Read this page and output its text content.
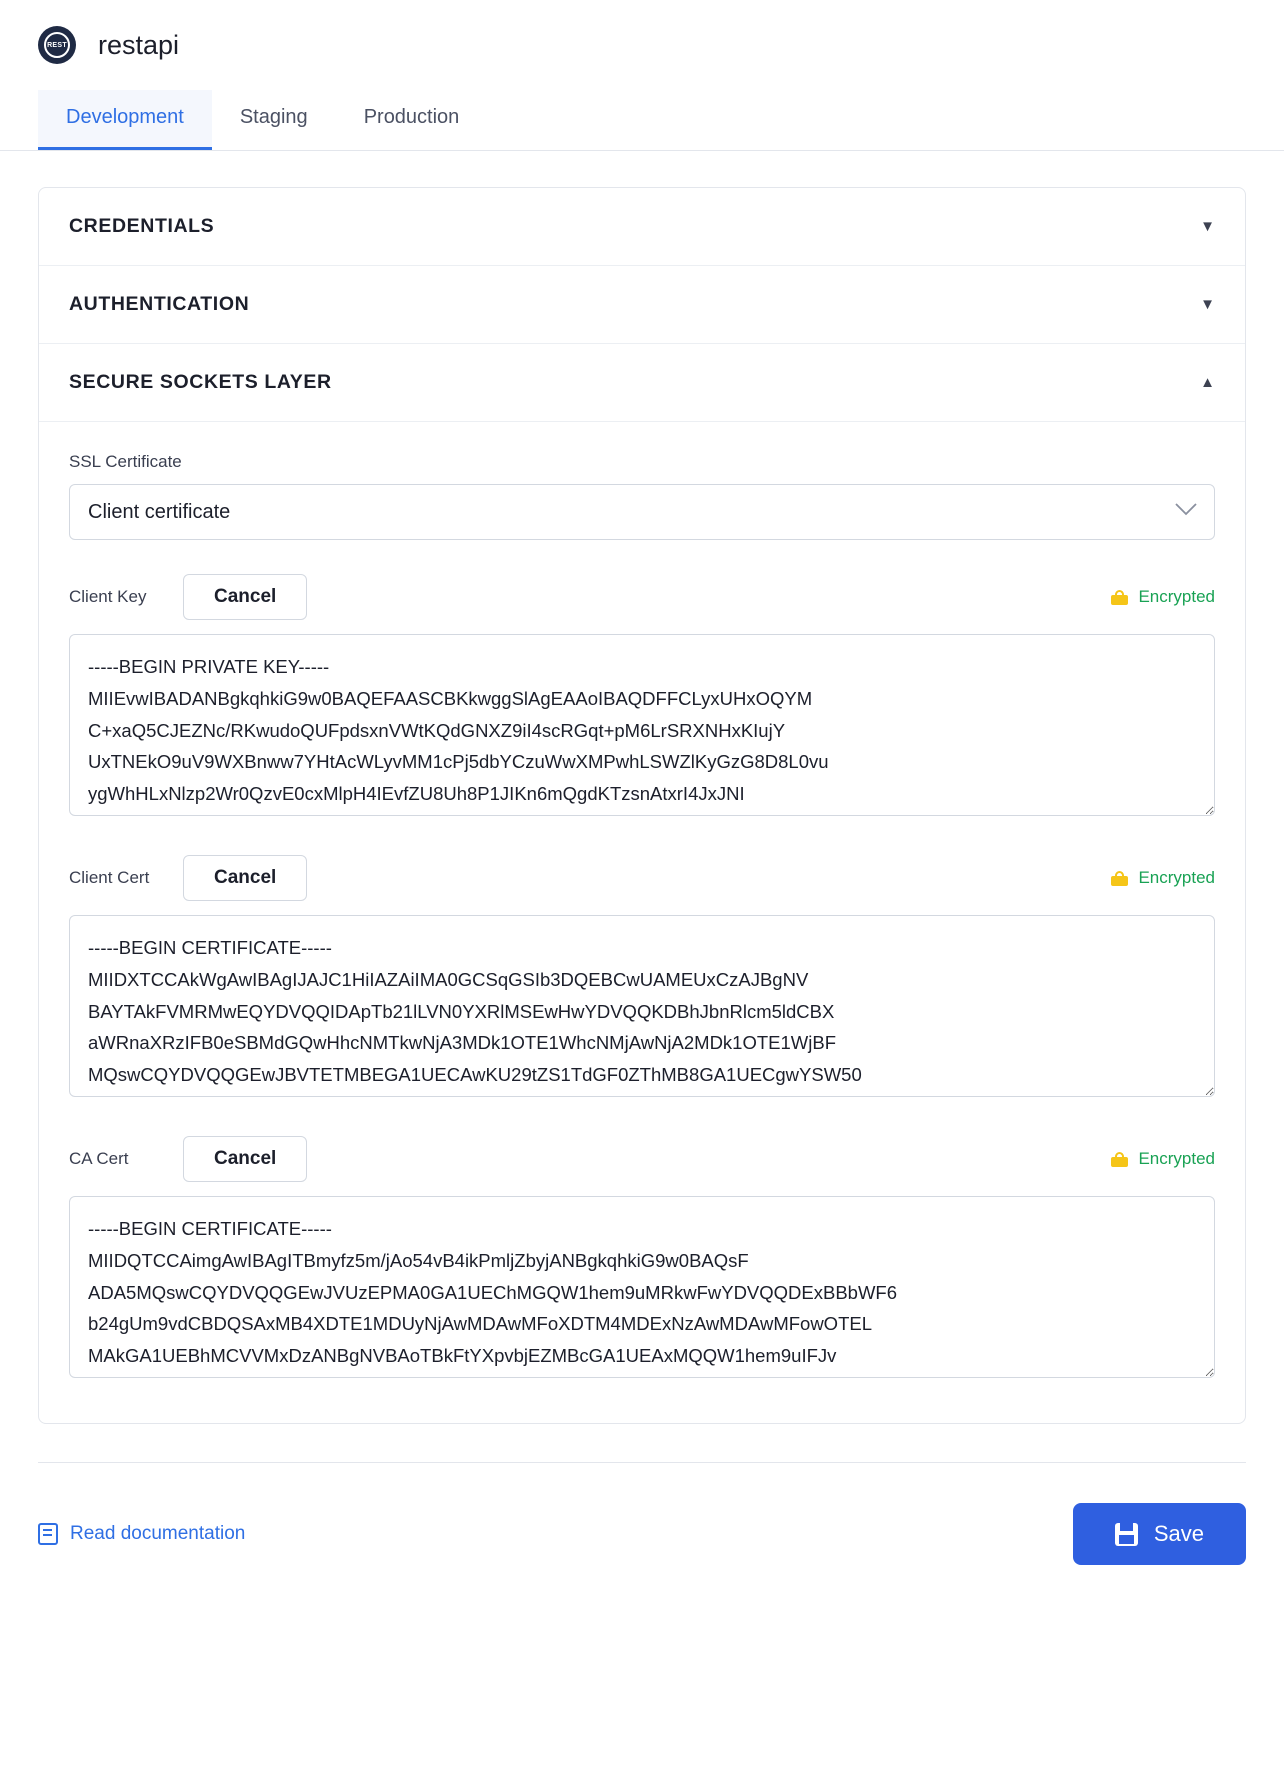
REST restapi
Development	Staging	Production
CREDENTIALS	▼
AUTHENTICATION	▼
SECURE SOCKETS LAYER	▲
SSL Certificate
Client certificate
Client Key	Cancel	Encrypted
-----BEGIN PRIVATE KEY----- MIIEvwIBADANBgkqhkiG9w0BAQEFAASCBKkwggSlAgEAAoIBAQDFFCLyxUHxOQYM C+xaQ5CJEZNc/RKwudoQUFpdsxnVWtKQdGNXZ9iI4scRGqt+pM6LrSRXNHxKIujY UxTNEkO9uV9WXBnww7YHtAcWLyvMM1cPj5dbYCzuWwXMPwhLSWZlKyGzG8D8L0vu ygWhHLxNlzp2Wr0QzvE0cxMlpH4IEvfZU8Uh8P1JIKn6mQgdKTzsnAtxrI4JxJNI I4xqCYcQtZqF5qWNWxqAWQzYHQWxdM1JQxuHN
Client Cert	Cancel	Encrypted
-----BEGIN CERTIFICATE----- MIIDXTCCAkWgAwIBAgIJAJC1HiIAZAiIMA0GCSqGSIb3DQEBCwUAMEUxCzAJBgNV BAYTAkFVMRMwEQYDVQQIDApTb21lLVN0YXRlMSEwHwYDVQQKDBhJbnRlcm5ldCBX aWRnaXRzIFB0eSBMdGQwHhcNMTkwNjA3MDk1OTE1WhcNMjAwNjA2MDk1OTE1WjBF MQswCQYDVQQGEwJBVTETMBEGA1UECAwKU29tZS1TdGF0ZThMB8GA1UECgwYSW50 ZXJuZXQgV2lkZ2l0cyBQdHkgTHRkMIIBIjANBgkqhkiG9w0BAQEFAAOCAQ8AMIIB
CA Cert	Cancel	Encrypted
-----BEGIN CERTIFICATE----- MIIDQTCCAimgAwIBAgITBmyfz5m/jAo54vB4ikPmljZbyjANBgkqhkiG9w0BAQsF ADA5MQswCQYDVQQGEwJVUzEPMA0GA1UEChMGQW1hem9uMRkwFwYDVQQDExBBbWF6 b24gUm9vdCBDQSAxMB4XDTE1MDUyNjAwMDAwMFoXDTM4MDExNzAwMDAwMFowOTEL MAkGA1UEBhMCVVMxDzANBgNVBAoTBkFtYXpvbjEZMBcGA1UEAxMQQW1hem9uIFJv b3QgQ0EgMTCCASIwDQYJKoZIhvcNAQEBBQ
Read documentation	Save
